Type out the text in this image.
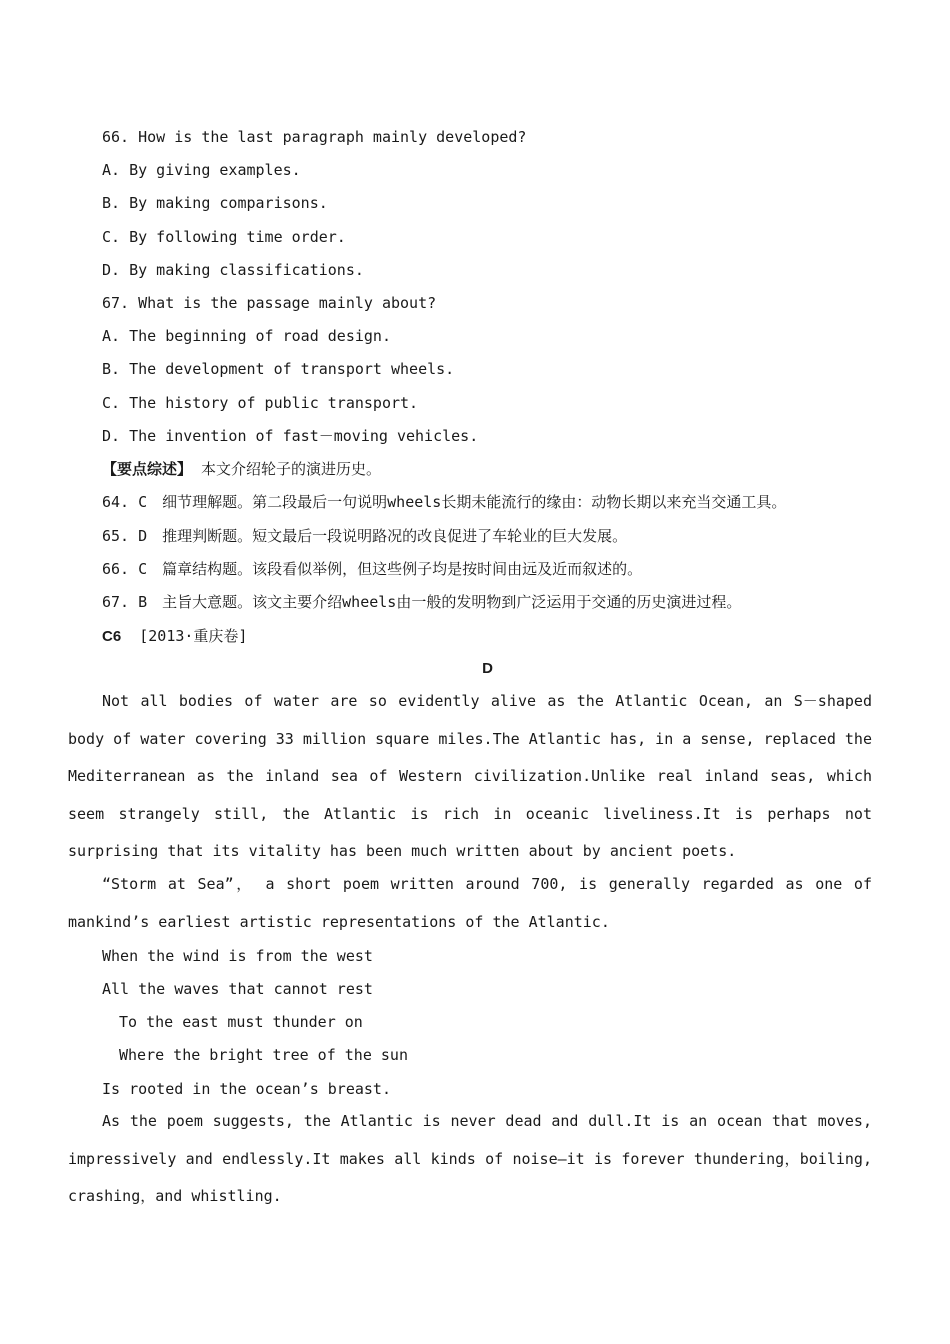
66. How is the last paragraph mainly developed?
A. By giving examples.
B. By making comparisons.
C. By following time order.
D. By making classifications.
67. What is the passage mainly about?
A. The beginning of road design.
B. The development of transport wheels.
C. The history of public transport.
D. The invention of fast－moving vehicles.
【要点综述】 本文介绍轮子的演进历史。
64. C　细节理解题。第二段最后一句说明wheels长期未能流行的缘由：动物长期以来充当交通工具。
65. D　推理判断题。短文最后一段说明路况的改良促进了车轮业的巨大发展。
66. C　篇章结构题。该段看似举例，但这些例子均是按时间由远及近而叙述的。
67. B　主旨大意题。该文主要介绍wheels由一般的发明物到广泛运用于交通的历史演进过程。
C6 [2013·重庆卷]
D
Not all bodies of water are so evidently alive as the Atlantic Ocean, an S－shaped body of water covering 33 million square miles.The Atlantic has, in a sense, replaced the Mediterranean as the inland sea of Western civilization.Unlike real inland seas, which seem strangely still, the Atlantic is rich in oceanic liveliness.It is perhaps not surprising that its vitality has been much written about by ancient poets.
“Storm at Sea”， a short poem written around 700, is generally regarded as one of mankind’s earliest artistic representations of the Atlantic.
When the wind is from the west
All the waves that cannot rest
To the east must thunder on
Where the bright tree of the sun
Is rooted in the ocean’s breast.
As the poem suggests, the Atlantic is never dead and dull.It is an ocean that moves, impressively and endlessly.It makes all kinds of noise—it is forever thundering，boiling, crashing，and whistling.
